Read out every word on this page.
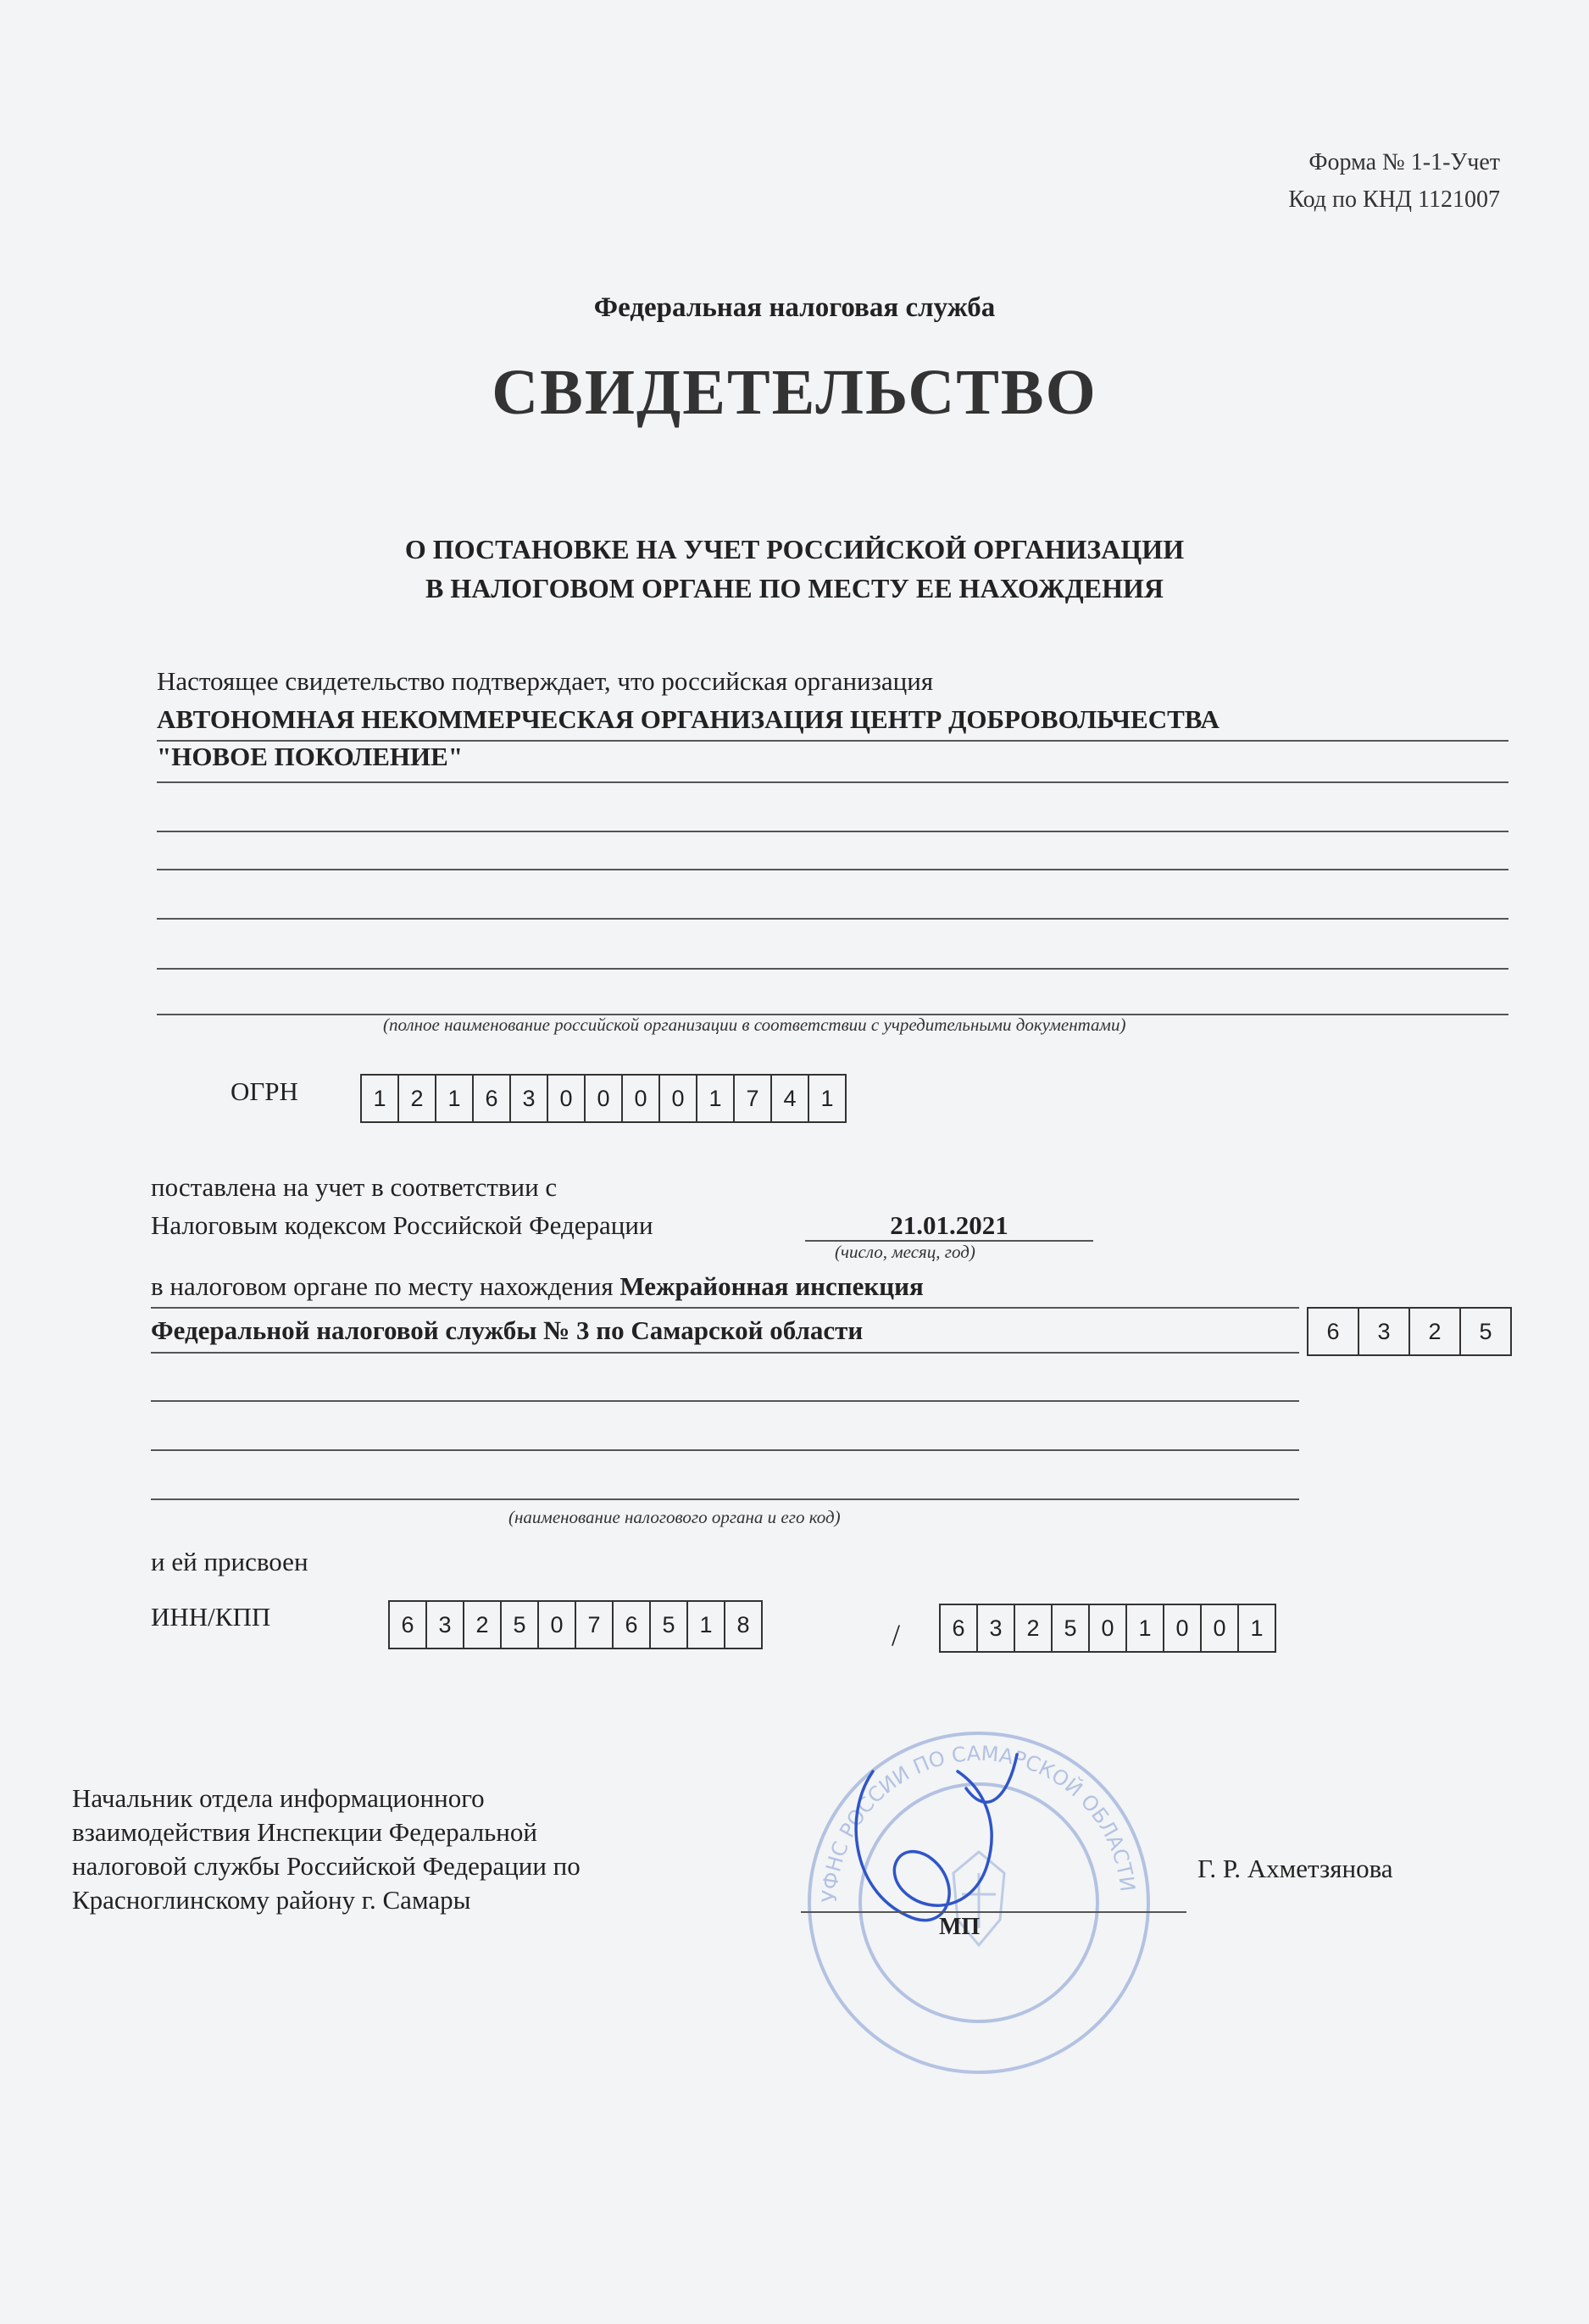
Форма № 1-1-Учет
Код по КНД 1121007
Федеральная налоговая служба
СВИДЕТЕЛЬСТВО
О ПОСТАНОВКЕ НА УЧЕТ РОССИЙСКОЙ ОРГАНИЗАЦИИ
В НАЛОГОВОМ ОРГАНЕ ПО МЕСТУ ЕЕ НАХОЖДЕНИЯ
Настоящее свидетельство подтверждает, что российская организация
АВТОНОМНАЯ НЕКОММЕРЧЕСКАЯ ОРГАНИЗАЦИЯ ЦЕНТР ДОБРОВОЛЬЧЕСТВА
"НОВОЕ ПОКОЛЕНИЕ"
(полное наименование российской организации в соответствии с учредительными документами)
ОГРН	1	2	1	6	3	0	0	0	0	1	7	4	1
поставлена на учет в соответствии с
Налоговым кодексом Российской Федерации	21.01.2021
(число, месяц, год)
в налоговом органе по месту нахождения Межрайонная инспекция
Федеральной налоговой службы № 3 по Самарской области	6	3	2	5
(наименование налогового органа и его код)
и ей присвоен
ИНН/КПП	6	3	2	5	0	7	6	5	1	8	/	6	3	2	5	0	1	0	0	1
Начальник отдела информационного
взаимодействия Инспекции Федеральной
налоговой службы Российской Федерации по
Красноглинскому району г. Самары	УФНС РОССИИ ПО САМАРСКОЙ ОБЛАСТИ
МП
Г. Р. Ахметзянова
